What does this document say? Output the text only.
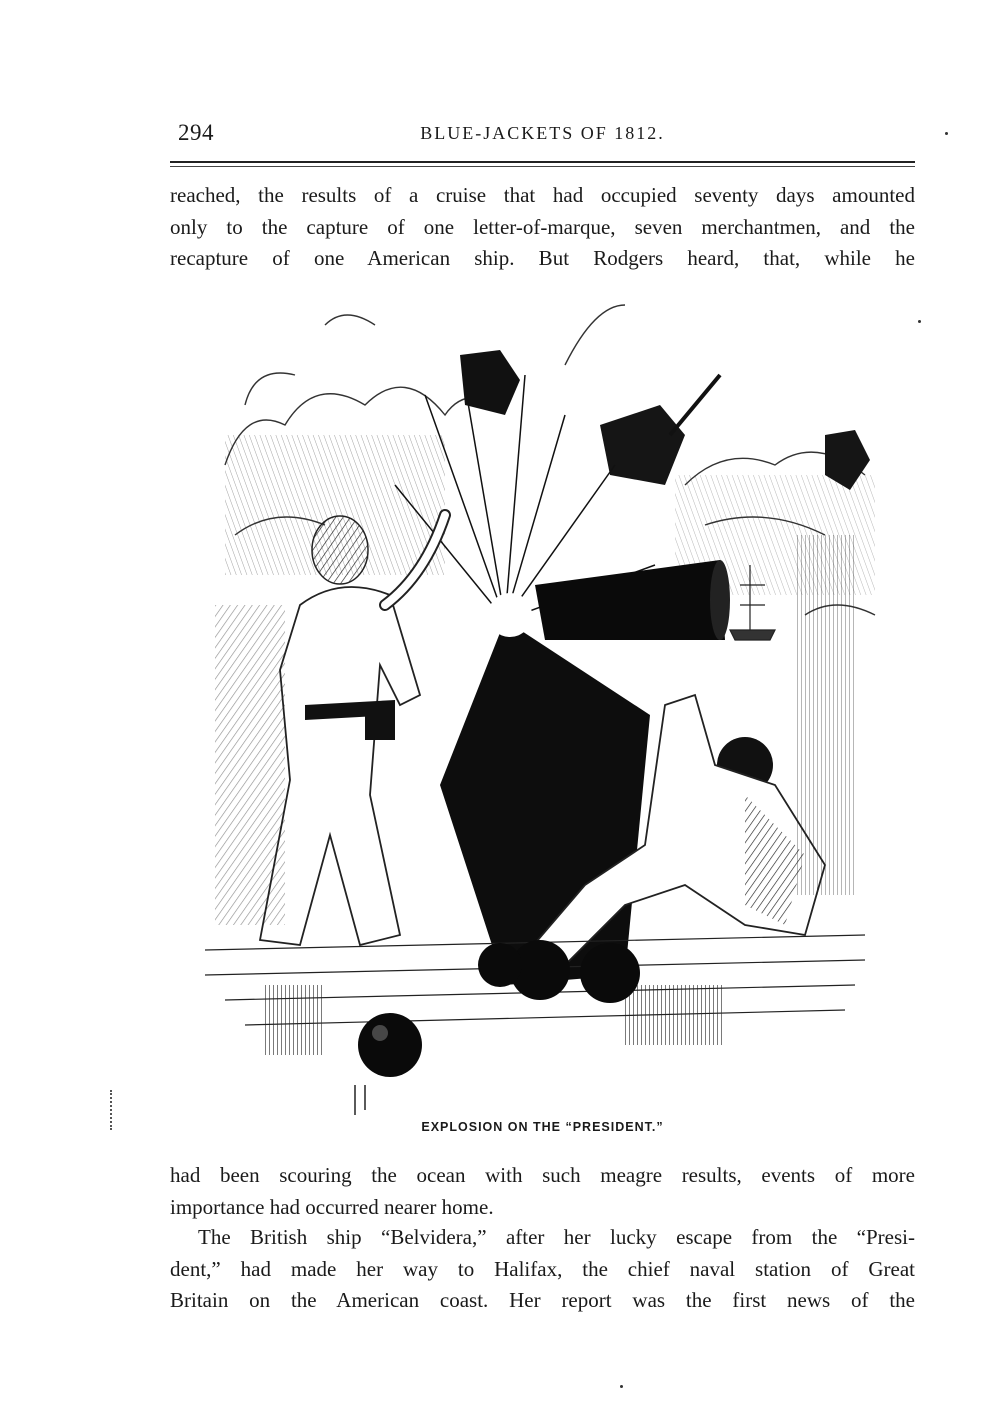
294	BLUE-JACKETS OF 1812.

reached, the results of a cruise that had occupied seventy days amounted
only to the capture of one letter-of-marque, seven merchantmen, and the
recapture of one American ship. But Rodgers heard, that, while he

EXPLOSION ON THE “PRESIDENT.”

had been scouring the ocean with such meagre results, events of more
importance had occurred nearer home.

The British ship “Belvidera,” after her lucky escape from the “Presi-
dent,” had made her way to Halifax, the chief naval station of Great
Britain on the American coast. Her report was the first news of the
